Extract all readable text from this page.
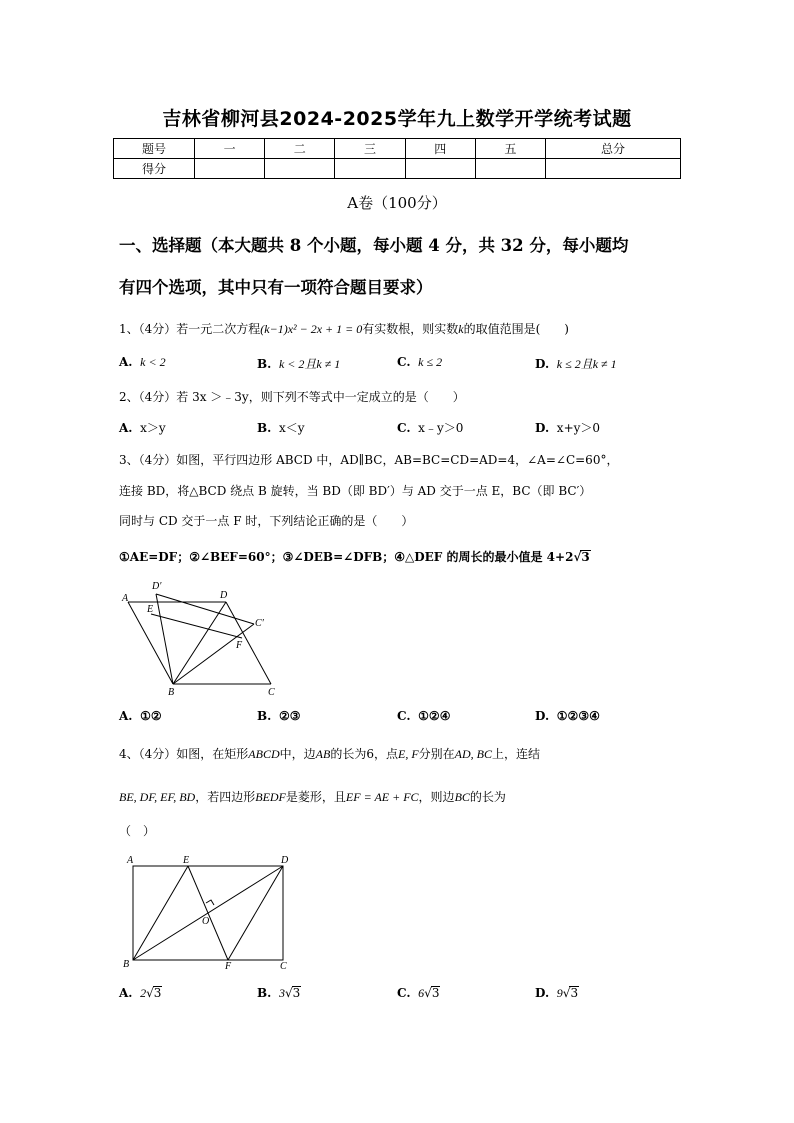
吉林省柳河县2024-2025学年九上数学开学统考试题
题号	一	二	三	四	五	总分
得分						
A卷（100分）
一、选择题（本大题共 8 个小题，每小题 4 分，共 32 分，每小题均
有四个选项，其中只有一项符合题目要求）
1、（4分）若一元二次方程(k−1)x² − 2x + 1 = 0有实数根，则实数k的取值范围是(　　)
A. k < 2	B. k < 2且k ≠ 1	C. k ≤ 2	D. k ≤ 2且k ≠ 1
2、（4分）若 3x ＞﹣3y，则下列不等式中一定成立的是（　　）
A. x＞y	B. x＜y	C. x﹣y＞0	D. x+y＞0
3、（4分）如图，平行四边形 ABCD 中，AD∥BC，AB=BC=CD=AD=4，∠A=∠C=60°，
连接 BD，将△BCD 绕点 B 旋转，当 BD（即 BD′）与 AD 交于一点 E，BC（即 BC′）
同时与 CD 交于一点 F 时，下列结论正确的是（　　）
①AE=DF；②∠BEF=60°；③∠DEB=∠DFB；④△DEF 的周长的最小值是 4+2√3
A
D′
E
D
C′
F
B	C
A. ①②	B. ②③	C. ①②④	D. ①②③④
4、（4分）如图，在矩形ABCD中，边AB的长为6，点E, F分别在AD, BC上，连结
BE, DF, EF, BD，若四边形BEDF是菱形，且EF = AE + FC，则边BC的长为
（　）
A	E	D
O
B	F	C
A. 2√3	B. 3√3	C. 6√3	D. 9√3
